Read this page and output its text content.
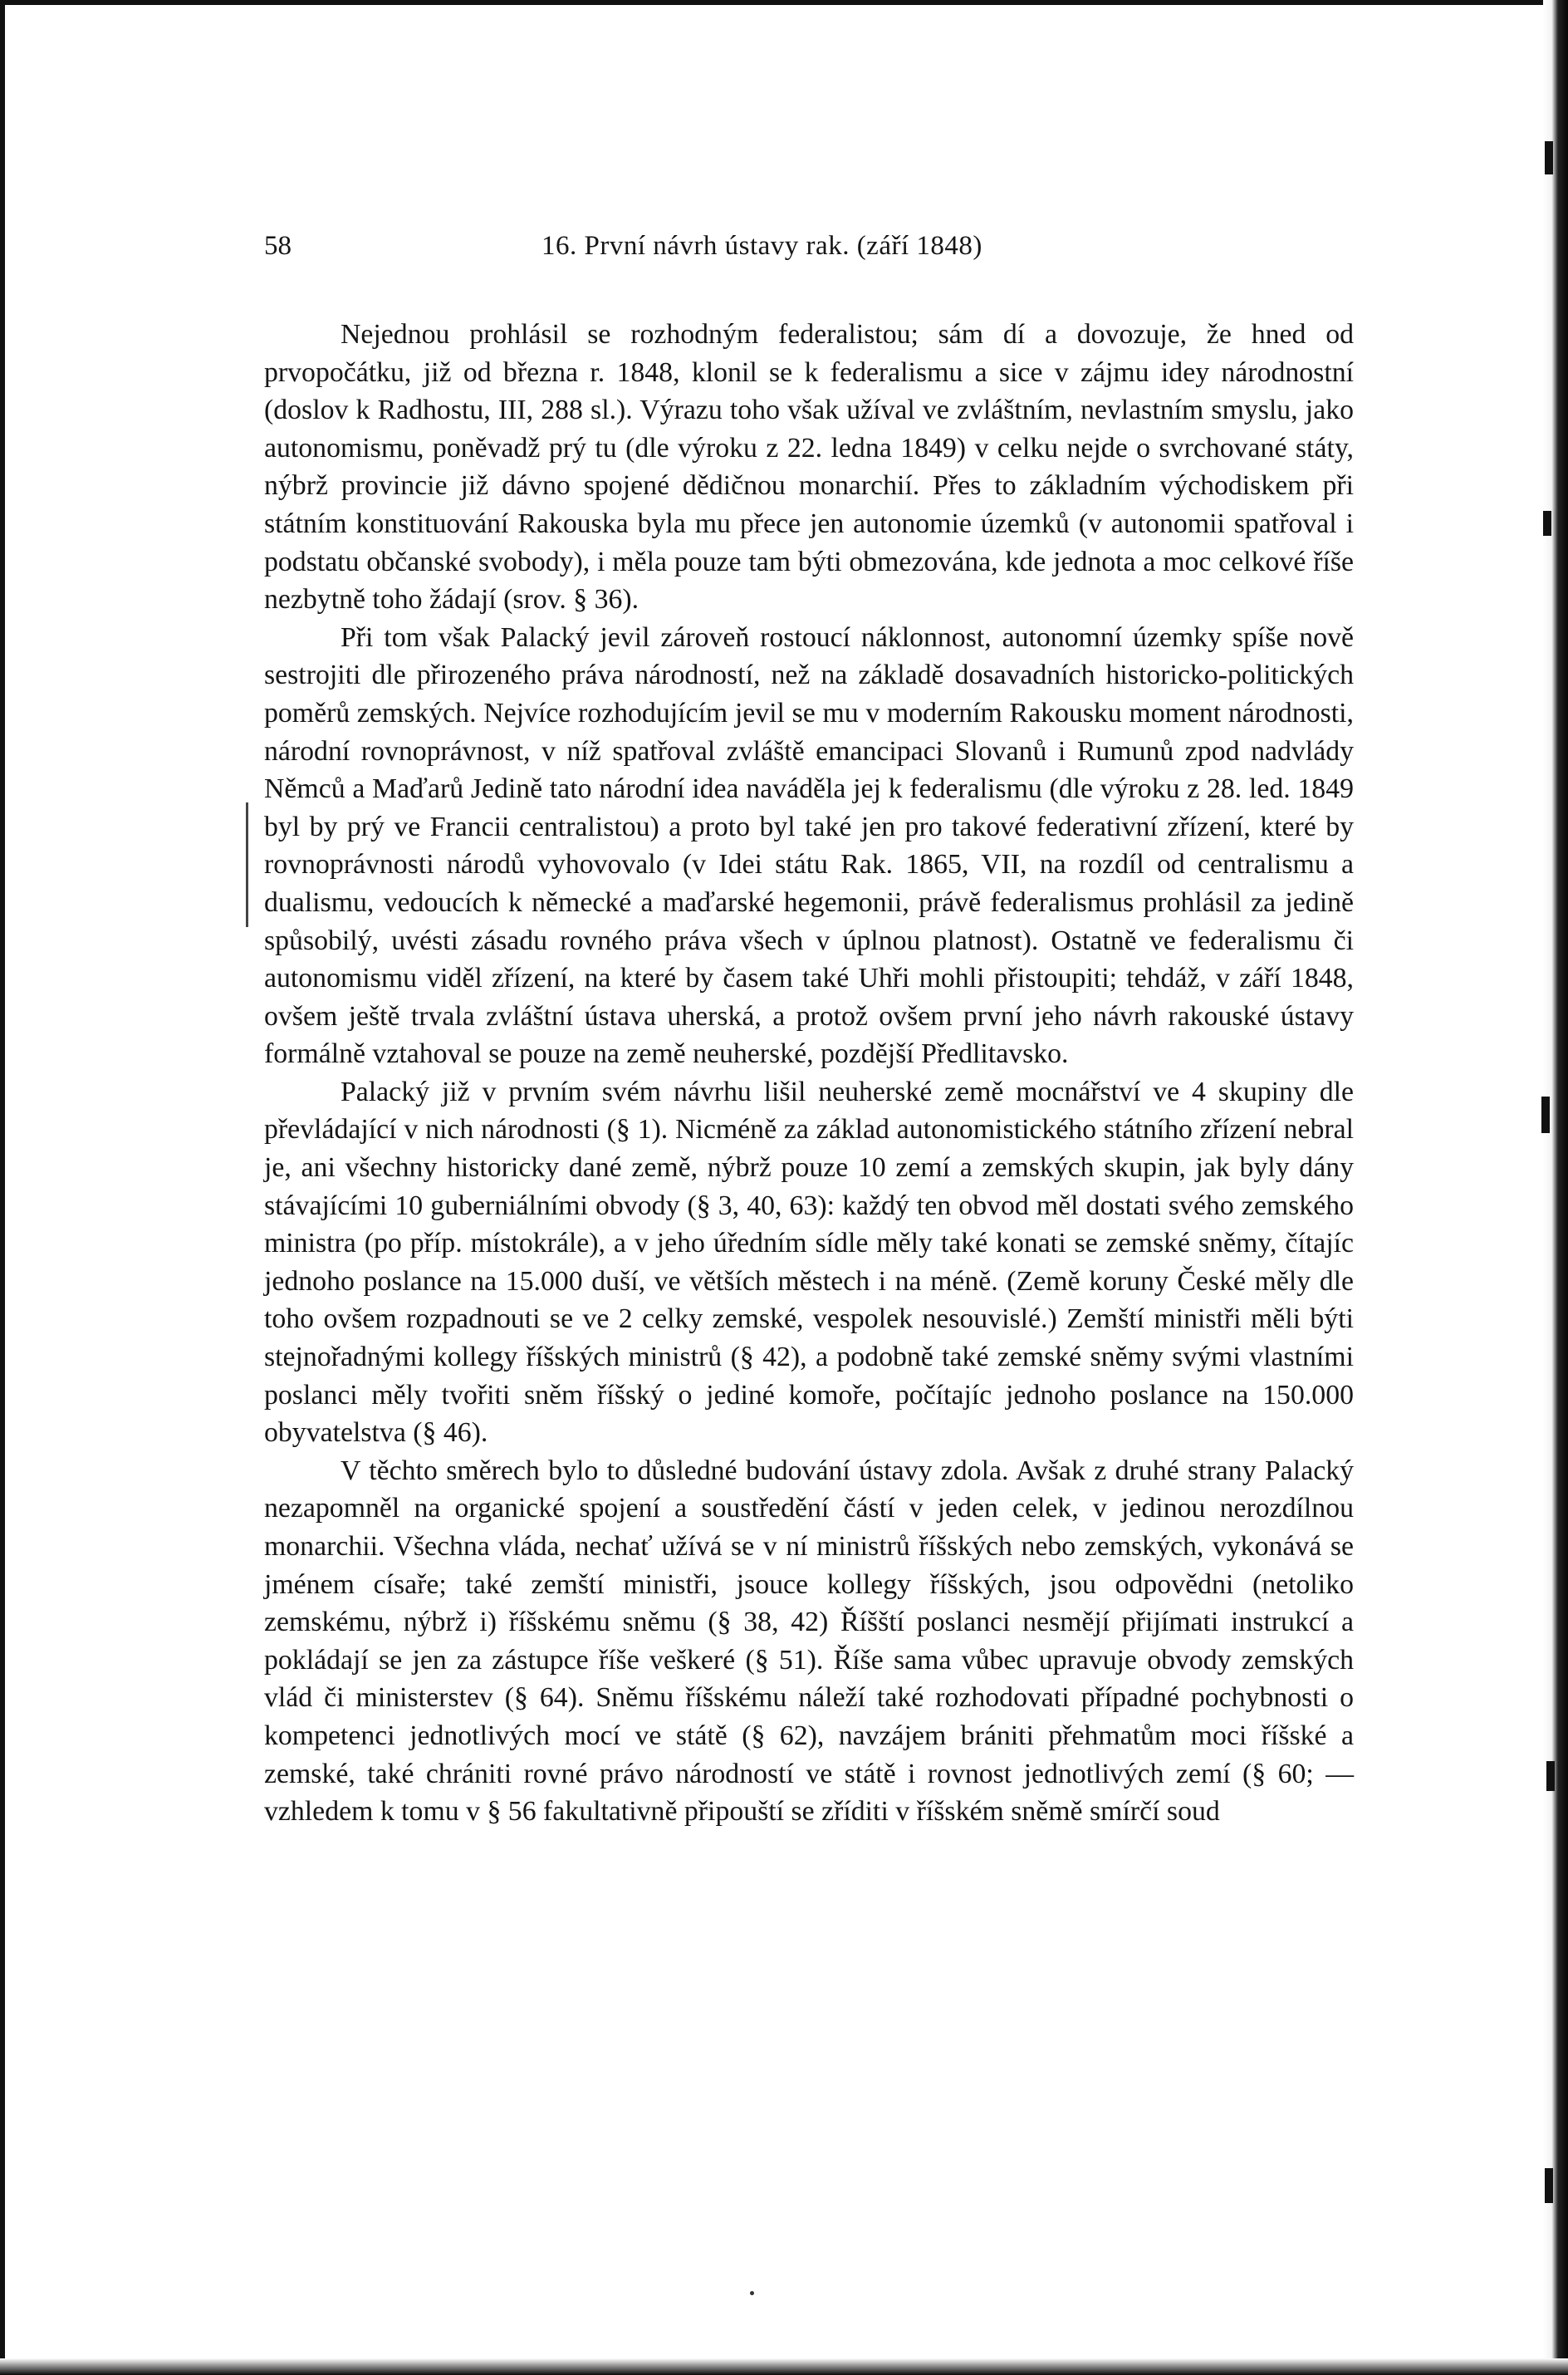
58	16. První návrh ústavy rak. (září 1848)

Nejednou prohlásil se rozhodným federalistou; sám dí a dovozuje, že hned od prvopočátku, již od března r. 1848, klonil se k federalismu a sice v zájmu idey národnostní (doslov k Radhostu, III, 288 sl.). Výrazu toho však užíval ve zvláštním, nevlastním smyslu, jako autonomismu, poněvadž prý tu (dle výroku z 22. ledna 1849) v celku nejde o svrchované státy, nýbrž provincie již dávno spojené dědičnou monarchií. Přes to základním východiskem při státním konstituování Rakouska byla mu přece jen autonomie územků (v autonomii spatřoval i podstatu občanské svobody), i měla pouze tam býti obmezována, kde jednota a moc celkové říše nezbytně toho žádají (srov. § 36).

Při tom však Palacký jevil zároveň rostoucí náklonnost, autonomní územky spíše nově sestrojiti dle přirozeného práva národností, než na základě dosavadních historicko-politických poměrů zemských. Nejvíce rozhodujícím jevil se mu v moderním Rakousku moment národnosti, národní rovnoprávnost, v níž spatřoval zvláště emancipaci Slovanů i Rumunů zpod nadvlády Němců a Maďarů Jedině tato národní idea naváděla jej k federalismu (dle výroku z 28. led. 1849 byl by prý ve Francii centralistou) a proto byl také jen pro takové federativní zřízení, které by rovnoprávnosti národů vyhovovalo (v Idei státu Rak. 1865, VII, na rozdíl od centralismu a dualismu, vedoucích k německé a maďarské hegemonii, právě federalismus prohlásil za jedině spůsobilý, uvésti zásadu rovného práva všech v úplnou platnost). Ostatně ve federalismu či autonomismu viděl zřízení, na které by časem také Uhři mohli přistoupiti; tehdáž, v září 1848, ovšem ještě trvala zvláštní ústava uherská, a protož ovšem první jeho návrh rakouské ústavy formálně vztahoval se pouze na země neuherské, pozdější Předlitavsko.

Palacký již v prvním svém návrhu lišil neuherské země mocnářství ve 4 skupiny dle převládající v nich národnosti (§ 1). Nicméně za základ autonomistického státního zřízení nebral je, ani všechny historicky dané země, nýbrž pouze 10 zemí a zemských skupin, jak byly dány stávajícími 10 guberniálními obvody (§ 3, 40, 63): každý ten obvod měl dostati svého zemského ministra (po příp. místokrále), a v jeho úředním sídle měly také konati se zemské sněmy, čítajíc jednoho poslance na 15.000 duší, ve větších městech i na méně. (Země koruny České měly dle toho ovšem rozpadnouti se ve 2 celky zemské, vespolek nesouvislé.) Zemští ministři měli býti stejnořadnými kollegy říšských ministrů (§ 42), a podobně také zemské sněmy svými vlastními poslanci měly tvořiti sněm říšský o jediné komoře, počítajíc jednoho poslance na 150.000 obyvatelstva (§ 46).

V těchto směrech bylo to důsledné budování ústavy zdola. Avšak z druhé strany Palacký nezapomněl na organické spojení a soustředění částí v jeden celek, v jedinou nerozdílnou monarchii. Všechna vláda, nechať užívá se v ní ministrů říšských nebo zemských, vykonává se jménem císaře; také zemští ministři, jsouce kollegy říšských, jsou odpovědni (netoliko zemskému, nýbrž i) říšskému sněmu (§ 38, 42) Říšští poslanci nesmějí přijímati instrukcí a pokládají se jen za zástupce říše veškeré (§ 51). Říše sama vůbec upravuje obvody zemských vlád či ministerstev (§ 64). Sněmu říšskému náleží také rozhodovati případné pochybnosti o kompetenci jednotlivých mocí ve státě (§ 62), navzájem brániti přehmatům moci říšské a zemské, také chrániti rovné právo národností ve státě i rovnost jednotlivých zemí (§ 60; — vzhledem k tomu v § 56 fakultativně připouští se zříditi v říšském sněmě smírčí soud
